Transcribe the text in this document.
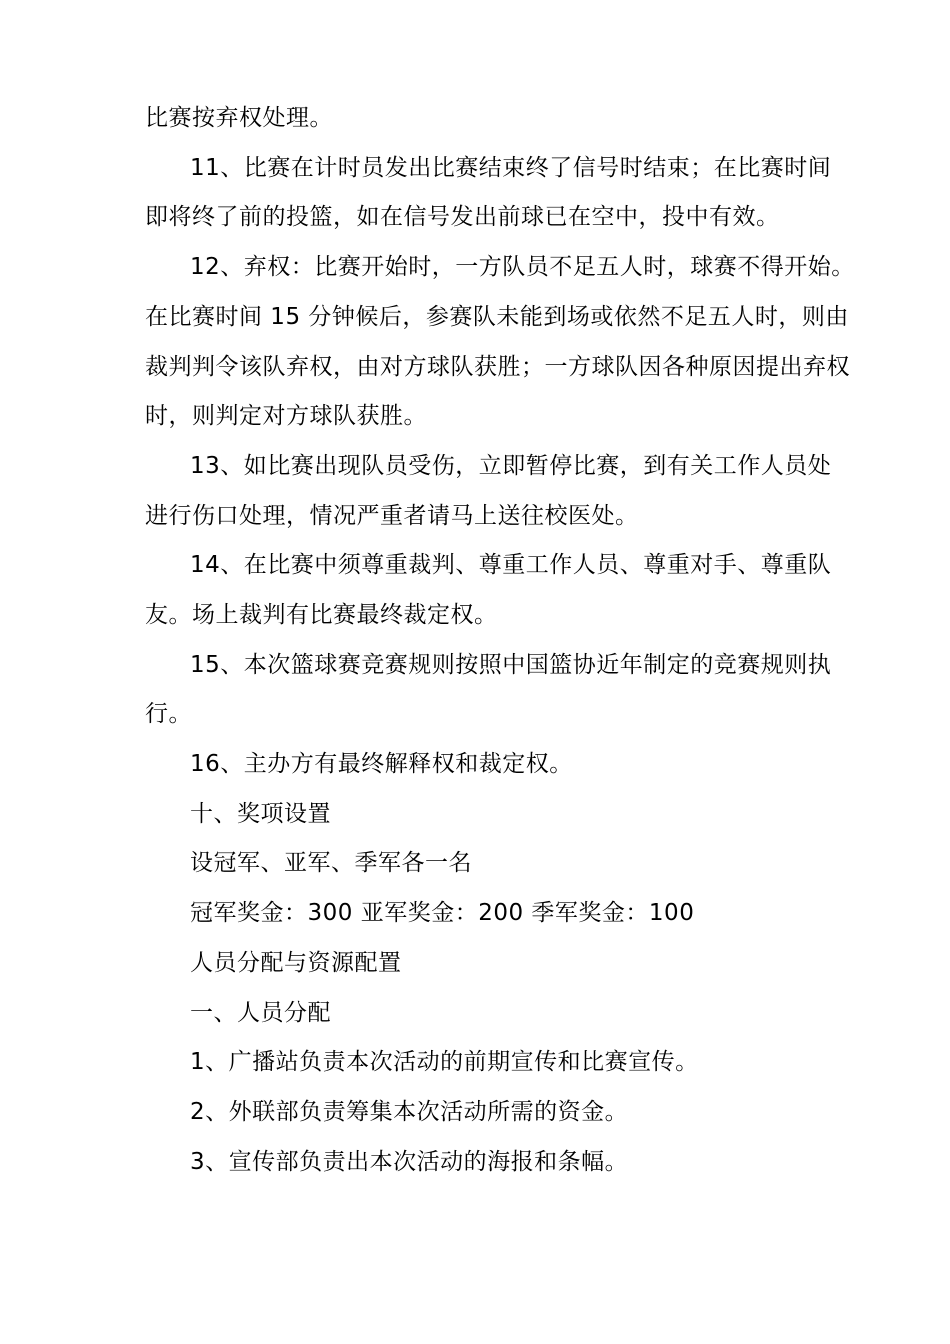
比赛按弃权处理。
11、比赛在计时员发出比赛结束终了信号时结束；在比赛时间
即将终了前的投篮，如在信号发出前球已在空中，投中有效。
12、弃权：比赛开始时，一方队员不足五人时，球赛不得开始。
在比赛时间 15 分钟候后，参赛队未能到场或依然不足五人时，则由
裁判判令该队弃权，由对方球队获胜；一方球队因各种原因提出弃权
时，则判定对方球队获胜。
13、如比赛出现队员受伤，立即暂停比赛，到有关工作人员处
进行伤口处理，情况严重者请马上送往校医处。
14、在比赛中须尊重裁判、尊重工作人员、尊重对手、尊重队
友。场上裁判有比赛最终裁定权。
15、本次篮球赛竞赛规则按照中国篮协近年制定的竞赛规则执
行。
16、主办方有最终解释权和裁定权。
十、奖项设置
设冠军、亚军、季军各一名
冠军奖金：300 亚军奖金：200 季军奖金：100
人员分配与资源配置
一、人员分配
1、广播站负责本次活动的前期宣传和比赛宣传。
2、外联部负责筹集本次活动所需的资金。
3、宣传部负责出本次活动的海报和条幅。
